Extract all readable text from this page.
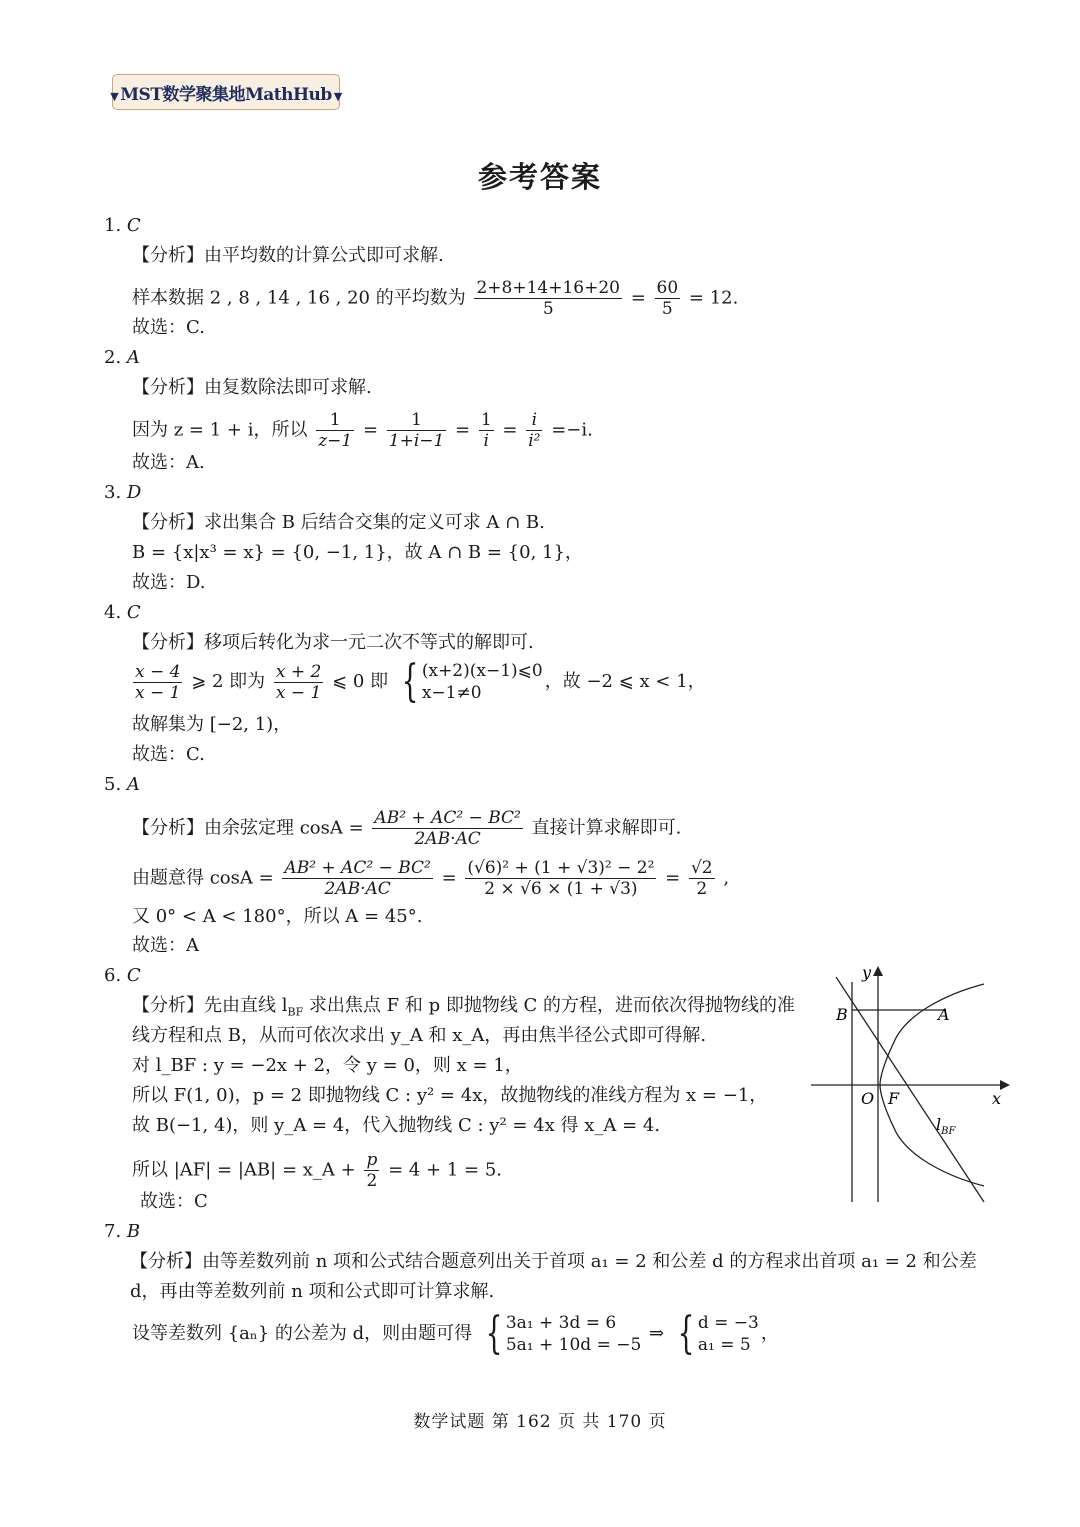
▼ MST数学聚集地MathHub ▼
参考答案
1. C
【分析】由平均数的计算公式即可求解.
样本数据 2 , 8 , 14 , 16 , 20 的平均数为 $\frac{2+8+14+16+20}{5} = \frac{60}{5} = 12$.
故选：C.
2. A
【分析】由复数除法即可求解.
因为 z = 1 + i，所以 $\frac{1}{z-1} = \frac{1}{1+i-1} = \frac{1}{i} = \frac{i}{\text{i²}} =-i$.
故选：A.
3. D
【分析】求出集合 B 后结合交集的定义可求 A ∩ B.
B = {x|x³ = x} = {0, −1, 1}，故 A ∩ B = {0, 1}，
故选：D.
4. C
【分析】移项后转化为求一元二次不等式的解即可.
$\frac{x - 4}{x - 1}$ ⩾ 2 即为 $\frac{x + 2}{x - 1}$ ⩽ 0 即 { (x+2)(x−1)⩽0
x−1≠0
，故 −2 ⩽ x < 1，
故解集为 [−2, 1)，
故选：C.
5. A
【分析】由余弦定理 $\cos A = \frac{\text{AB² + AC² − BC²}}{2AB\cdot AC}$ 直接计算求解即可.
由题意得 $\cos A = \frac{\text{AB² + AC² − BC²}}{2AB\cdot AC} = \frac{\text{(√6)² + (1 + √3)² − 2²}}{2 \times √6 \times (1 + √3)} = \frac{√2}{2}$ ,
又 0° < A < 180°，所以 A = 45°.
故选：A
6. C
【分析】先由直线 $l_{BF}$ 求出焦点 F 和 p 即抛物线 C 的方程，进而依次得抛物线的准
线方程和点 B，从而可依次求出 y_A 和 x_A，再由焦半径公式即可得解.
对 l_BF : y = −2x + 2，令 y = 0，则 x = 1，
所以 F(1, 0)，p = 2 即抛物线 C : y² = 4x，故抛物线的准线方程为 x = −1，
故 B(−1, 4)，则 y_A = 4，代入抛物线 C : y² = 4x 得 x_A = 4.
所以 |AF| = |AB| = x_A + $\frac{p}{2} = 4 + 1 = 5$.
故选：C
y
x
A
B
O F
$l_{BF}$
7. B
【分析】由等差数列前 n 项和公式结合题意列出关于首项 a₁ = 2 和公差 d 的方程求出首项 a₁ = 2 和公差
d，再由等差数列前 n 项和公式即可计算求解.
设等差数列 {aₙ} 的公差为 d，则由题可得 { 3a₁ + 3d = 6
5a₁ + 10d = −5
⇒ { d = −3
a₁ = 5
，
数学试题 第 162 页 共 170 页
